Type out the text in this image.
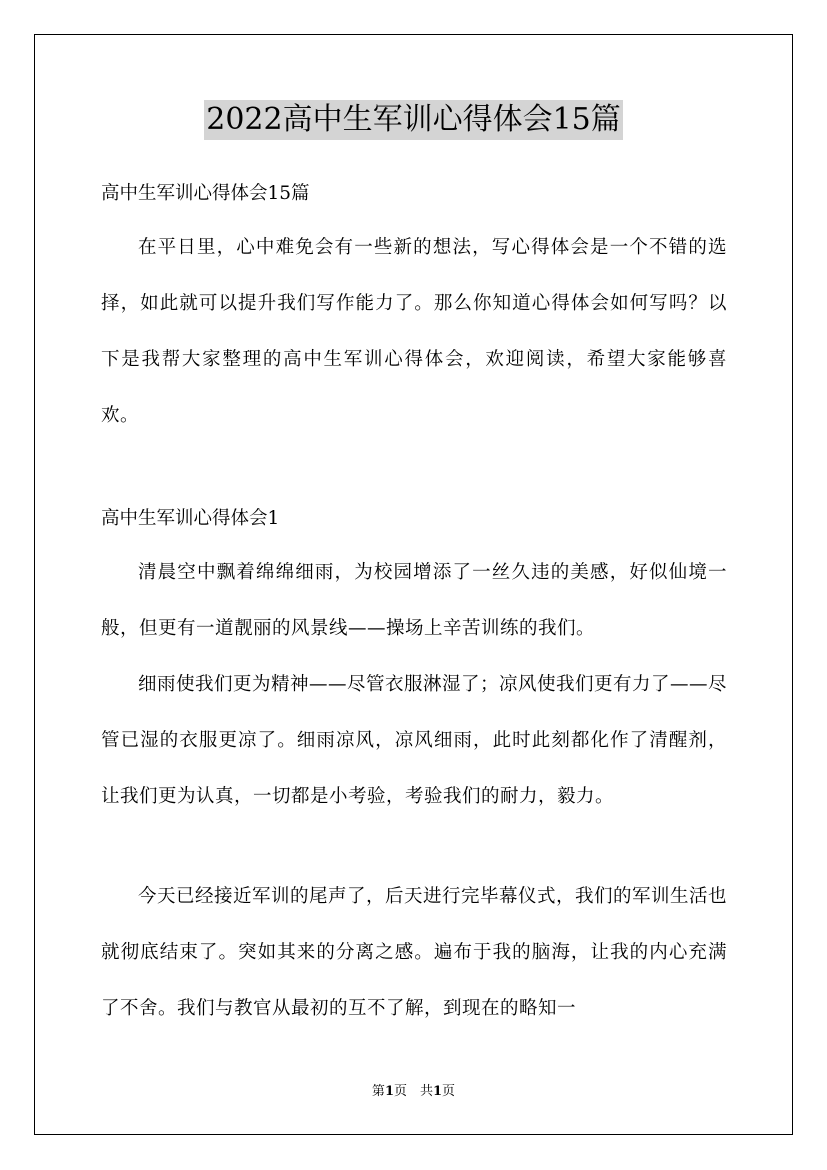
2022高中生军训心得体会15篇
高中生军训心得体会15篇

在平日里，心中难免会有一些新的想法，写心得体会是一个不错的选择，如此就可以提升我们写作能力了。那么你知道心得体会如何写吗？以下是我帮大家整理的高中生军训心得体会，欢迎阅读，希望大家能够喜欢。

高中生军训心得体会1

清晨空中飘着绵绵细雨，为校园增添了一丝久违的美感，好似仙境一般，但更有一道靓丽的风景线——操场上辛苦训练的我们。

细雨使我们更为精神——尽管衣服淋湿了；凉风使我们更有力了——尽管已湿的衣服更凉了。细雨凉风，凉风细雨，此时此刻都化作了清醒剂，让我们更为认真，一切都是小考验，考验我们的耐力，毅力。

今天已经接近军训的尾声了，后天进行完毕幕仪式，我们的军训生活也就彻底结束了。突如其来的分离之感。遍布于我的脑海，让我的内心充满了不舍。我们与教官从最初的互不了解，到现在的略知一

第1页　共1页
